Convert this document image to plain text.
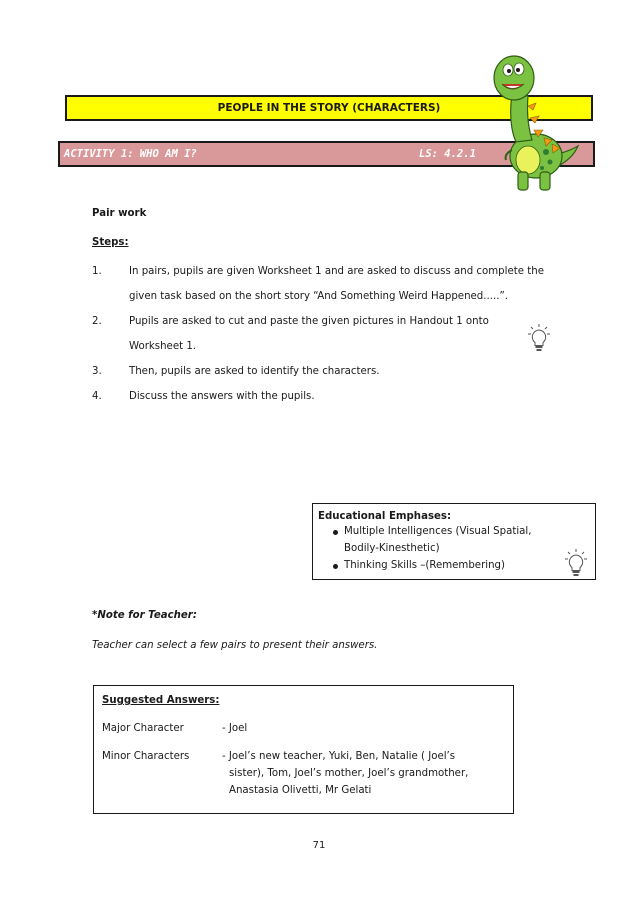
PEOPLE IN THE STORY (CHARACTERS)
ACTIVITY 1: WHO AM I?	LS: 4.2.1
Pair work
Steps:
1.	In pairs, pupils are given Worksheet 1 and are asked to discuss and complete the
given task based on the short story “And Something Weird Happened.....”.
2.	Pupils are asked to cut and paste the given pictures in Handout 1 onto
Worksheet 1.
3.	Then, pupils are asked to identify the characters.
4.	Discuss the answers with the pupils.
Educational Emphases:
Multiple Intelligences (Visual Spatial,
Bodily-Kinesthetic)
Thinking Skills –(Remembering)
*Note for Teacher:
Teacher can select a few pairs to present their answers.
Suggested Answers:
Major Character	- Joel
Minor Characters	- Joel’s new teacher, Yuki, Ben, Natalie ( Joel’s
sister), Tom, Joel’s mother, Joel’s grandmother,
Anastasia Olivetti, Mr Gelati
71
